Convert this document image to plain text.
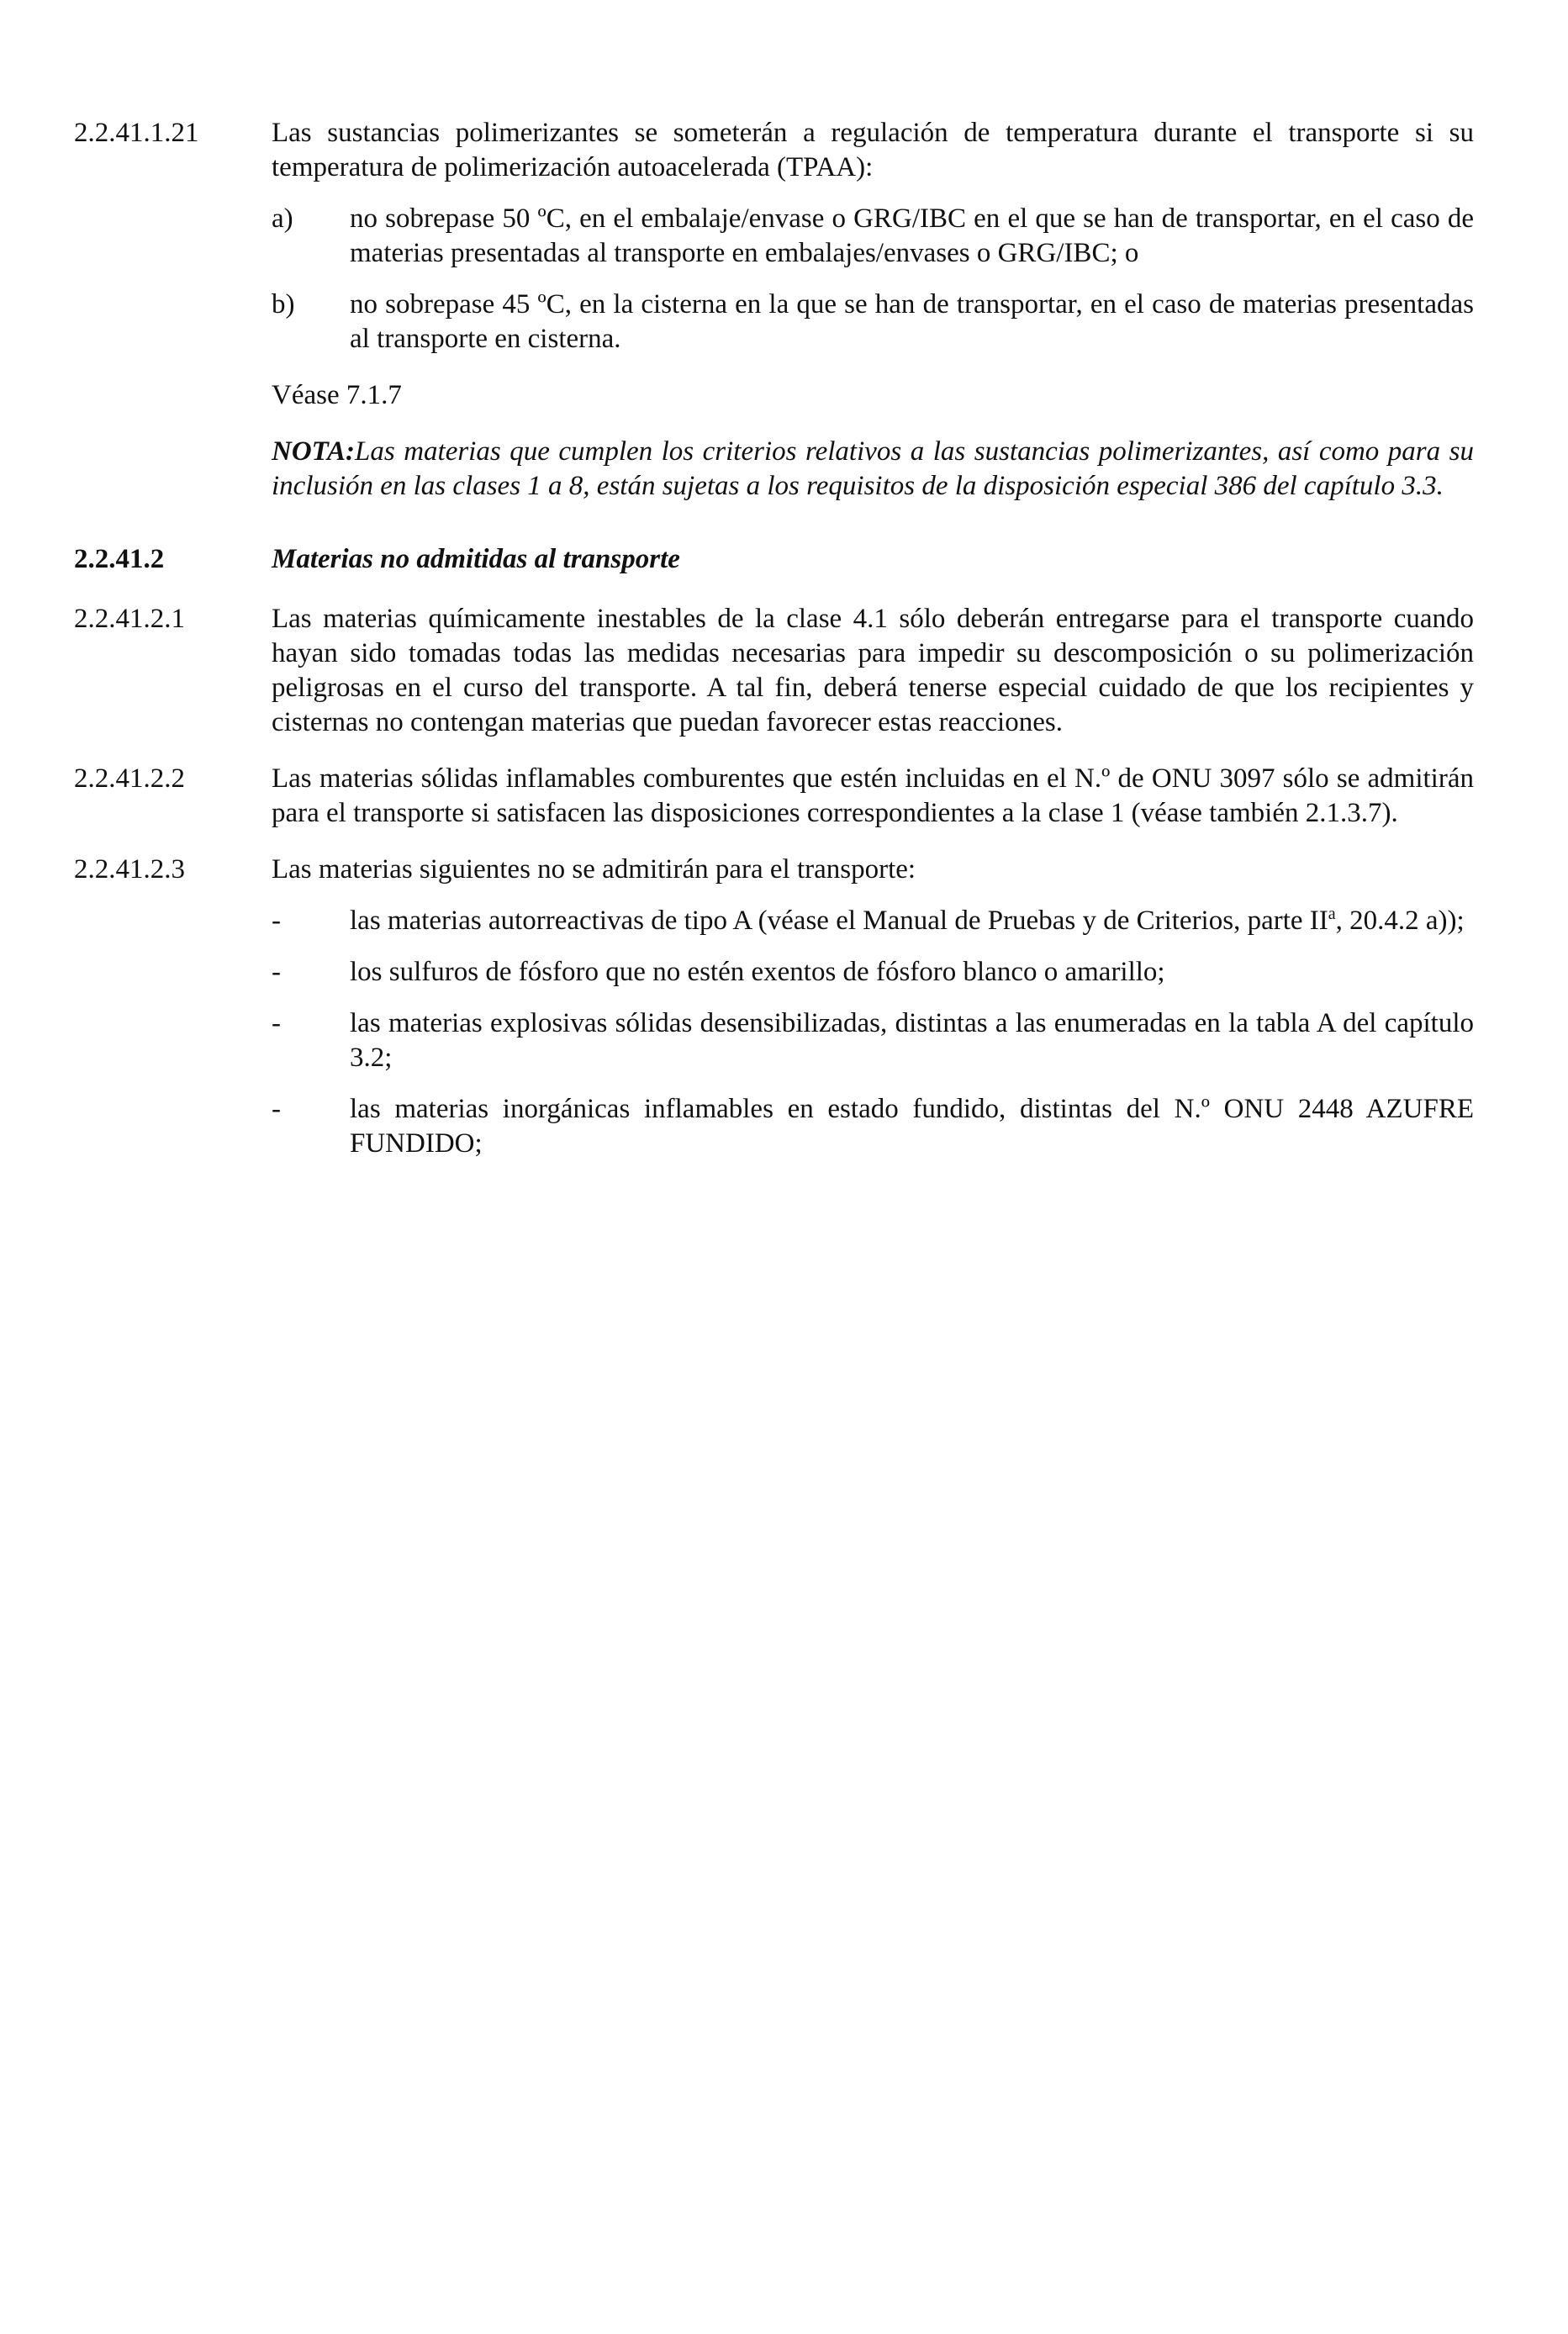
2.2.41.1.21	Las sustancias polimerizantes se someterán a regulación de temperatura durante el transporte si su temperatura de polimerización autoacelerada (TPAA):

a)	no sobrepase 50 ºC, en el embalaje/envase o GRG/IBC en el que se han de transportar, en el caso de materias presentadas al transporte en embalajes/envases o GRG/IBC; o
b)	no sobrepase 45 ºC, en la cisterna en la que se han de transportar, en el caso de materias presentadas al transporte en cisterna.

Véase 7.1.7

NOTA:Las materias que cumplen los criterios relativos a las sustancias polimerizantes, así como para su inclusión en las clases 1 a 8, están sujetas a los requisitos de la disposición especial 386 del capítulo 3.3.

2.2.41.2	Materias no admitidas al transporte
2.2.41.2.1	Las materias químicamente inestables de la clase 4.1 sólo deberán entregarse para el transporte cuando hayan sido tomadas todas las medidas necesarias para impedir su descomposición o su polimerización peligrosas en el curso del transporte. A tal fin, deberá tenerse especial cuidado de que los recipientes y cisternas no contengan materias que puedan favorecer estas reacciones.
2.2.41.2.2	Las materias sólidas inflamables comburentes que estén incluidas en el N.º de ONU 3097 sólo se admitirán para el transporte si satisfacen las disposiciones correspondientes a la clase 1 (véase también 2.1.3.7).
2.2.41.2.3	Las materias siguientes no se admitirán para el transporte:

-	las materias autorreactivas de tipo A (véase el Manual de Pruebas y de Criterios, parte $II^a$, 20.4.2 a));
-	los sulfuros de fósforo que no estén exentos de fósforo blanco o amarillo;
-	las materias explosivas sólidas desensibilizadas, distintas a las enumeradas en la tabla A del capítulo 3.2;
-	las materias inorgánicas inflamables en estado fundido, distintas del N.º ONU 2448 AZUFRE FUNDIDO;
